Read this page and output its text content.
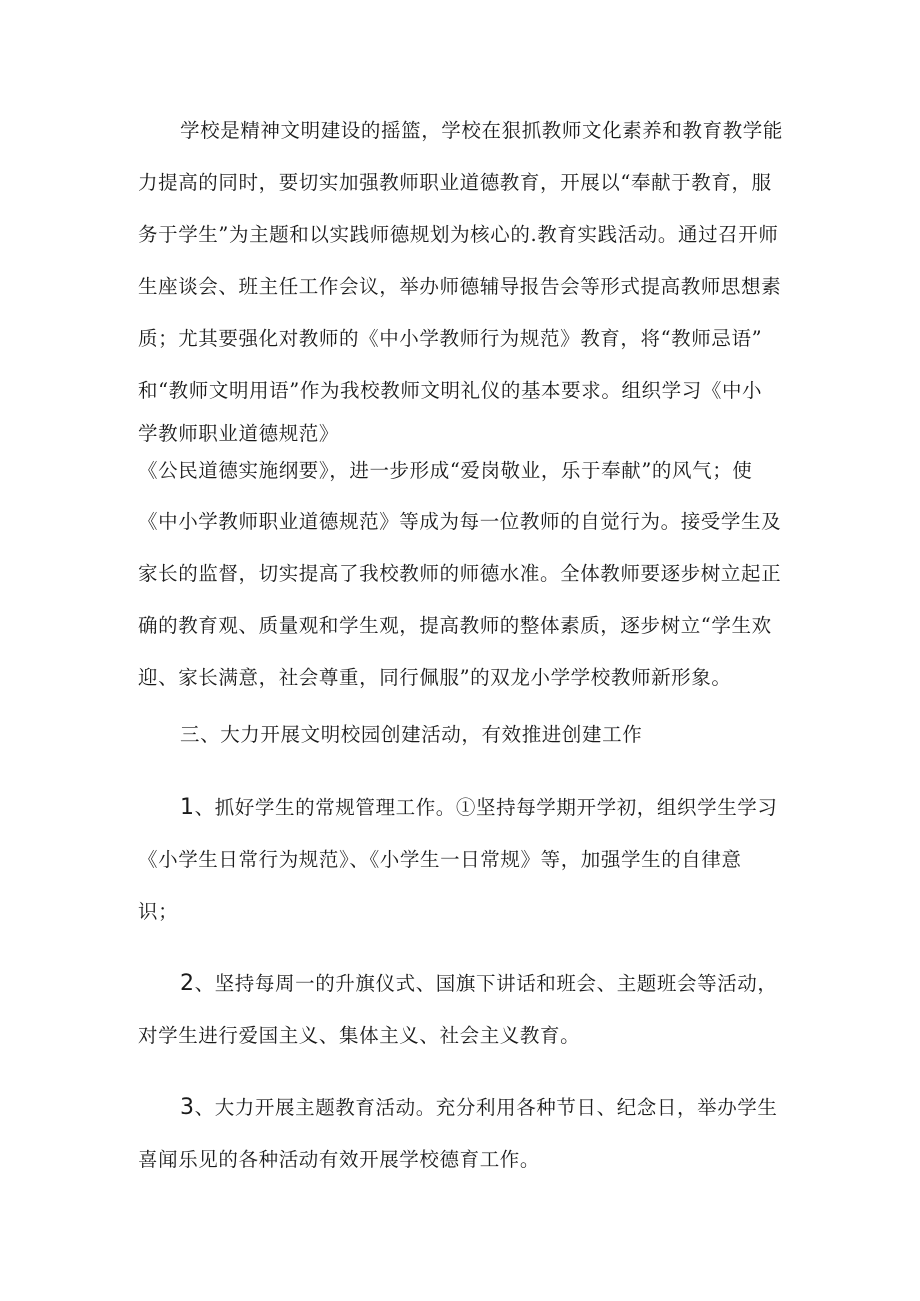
学校是精神文明建设的摇篮，学校在狠抓教师文化素养和教育教学能

力提高的同时，要切实加强教师职业道德教育，开展以“奉献于教育，服

务于学生”为主题和以实践师德规划为核心的.教育实践活动。通过召开师

生座谈会、班主任工作会议，举办师德辅导报告会等形式提高教师思想素

质；尤其要强化对教师的《中小学教师行为规范》教育，将“教师忌语”

和“教师文明用语”作为我校教师文明礼仪的基本要求。组织学习《中小

学教师职业道德规范》

《公民道德实施纲要》，进一步形成“爱岗敬业，乐于奉献”的风气；使

《中小学教师职业道德规范》等成为每一位教师的自觉行为。接受学生及

家长的监督，切实提高了我校教师的师德水准。全体教师要逐步树立起正

确的教育观、质量观和学生观，提高教师的整体素质，逐步树立“学生欢

迎、家长满意，社会尊重，同行佩服”的双龙小学学校教师新形象。

三、大力开展文明校园创建活动，有效推进创建工作

1、抓好学生的常规管理工作。①坚持每学期开学初，组织学生学习

《小学生日常行为规范》、《小学生一日常规》等，加强学生的自律意

识；

2、坚持每周一的升旗仪式、国旗下讲话和班会、主题班会等活动，

对学生进行爱国主义、集体主义、社会主义教育。

3、大力开展主题教育活动。充分利用各种节日、纪念日，举办学生

喜闻乐见的各种活动有效开展学校德育工作。
